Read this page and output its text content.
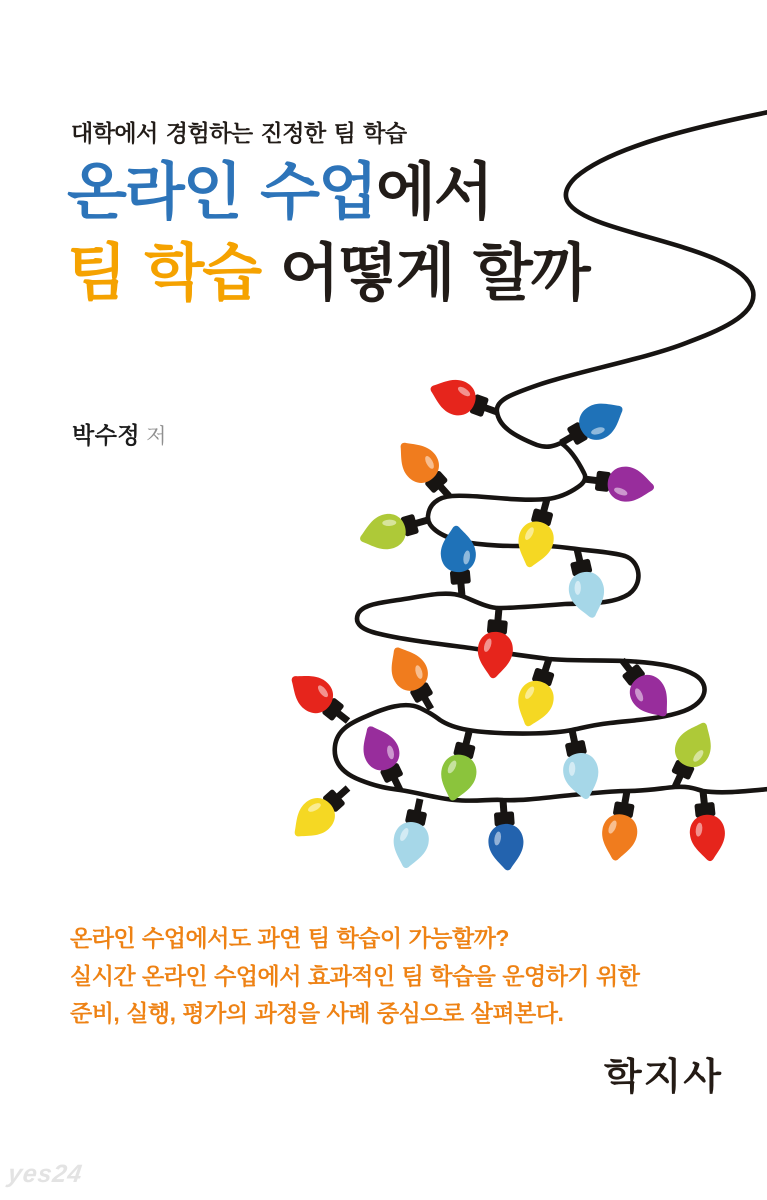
대학에서 경험하는 진정한 팀 학습
온라인 수업에서
팀 학습 어떻게 할까
박수정 저
온라인 수업에서도 과연 팀 학습이 가능할까?
실시간 온라인 수업에서 효과적인 팀 학습을 운영하기 위한
준비, 실행, 평가의 과정을 사례 중심으로 살펴본다.
학지사
yes24
